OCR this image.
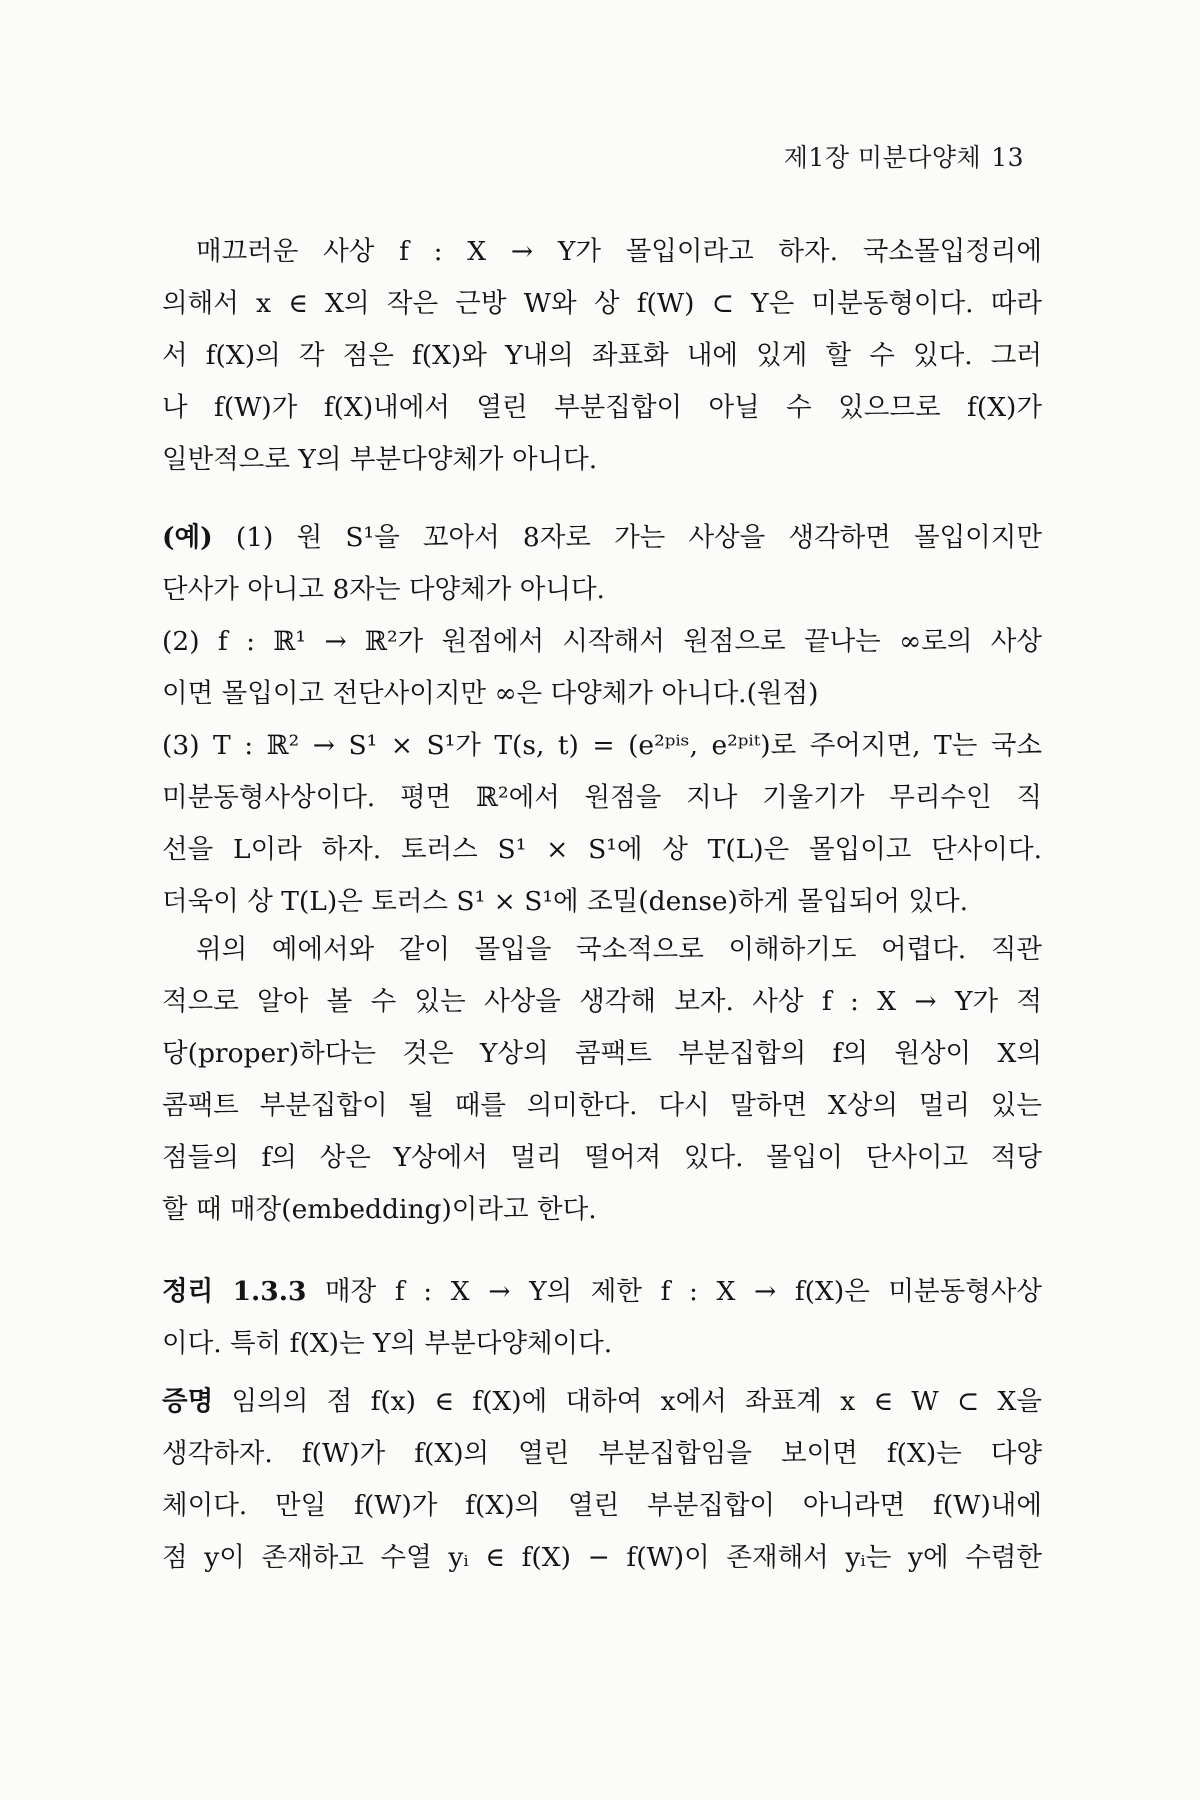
제1장 미분다양체 13
매끄러운 사상 f : X → Y가 몰입이라고 하자. 국소몰입정리에
의해서 x ∈ X의 작은 근방 W와 상 f(W) ⊂ Y은 미분동형이다. 따라
서 f(X)의 각 점은 f(X)와 Y내의 좌표화 내에 있게 할 수 있다. 그러
나 f(W)가 f(X)내에서 열린 부분집합이 아닐 수 있으므로 f(X)가
일반적으로 Y의 부분다양체가 아니다.
(예) (1) 원 S¹을 꼬아서 8자로 가는 사상을 생각하면 몰입이지만
단사가 아니고 8자는 다양체가 아니다.
(2) f : ℝ¹ → ℝ²가 원점에서 시작해서 원점으로 끝나는 ∞로의 사상
이면 몰입이고 전단사이지만 ∞은 다양체가 아니다.(원점)
(3) T : ℝ² → S¹ × S¹가 T(s, t) = (e²ᵖⁱˢ, e²ᵖⁱᵗ)로 주어지면, T는 국소
미분동형사상이다. 평면 ℝ²에서 원점을 지나 기울기가 무리수인 직
선을 L이라 하자. 토러스 S¹ × S¹에 상 T(L)은 몰입이고 단사이다.
더욱이 상 T(L)은 토러스 S¹ × S¹에 조밀(dense)하게 몰입되어 있다.
위의 예에서와 같이 몰입을 국소적으로 이해하기도 어렵다. 직관
적으로 알아 볼 수 있는 사상을 생각해 보자. 사상 f : X → Y가 적
당(proper)하다는 것은 Y상의 콤팩트 부분집합의 f의 원상이 X의
콤팩트 부분집합이 될 때를 의미한다. 다시 말하면 X상의 멀리 있는
점들의 f의 상은 Y상에서 멀리 떨어져 있다. 몰입이 단사이고 적당
할 때 매장(embedding)이라고 한다.
정리 1.3.3 매장 f : X → Y의 제한 f : X → f(X)은 미분동형사상
이다. 특히 f(X)는 Y의 부분다양체이다.
증명 임의의 점 f(x) ∈ f(X)에 대하여 x에서 좌표계 x ∈ W ⊂ X을
생각하자. f(W)가 f(X)의 열린 부분집합임을 보이면 f(X)는 다양
체이다. 만일 f(W)가 f(X)의 열린 부분집합이 아니라면 f(W)내에
점 y이 존재하고 수열 yᵢ ∈ f(X) − f(W)이 존재해서 yᵢ는 y에 수렴한
